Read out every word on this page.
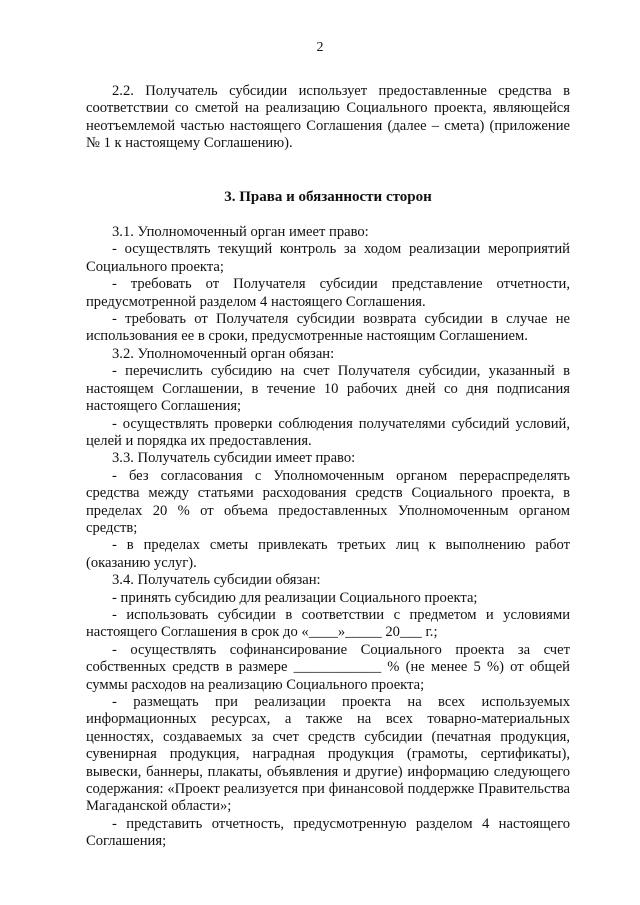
2

2.2. Получатель субсидии использует предоставленные средства в соответствии со сметой на реализацию Социального проекта, являющейся неотъемлемой частью настоящего Соглашения (далее – смета) (приложение № 1 к настоящему Соглашению).

3. Права и обязанности сторон

3.1. Уполномоченный орган имеет право:

- осуществлять текущий контроль за ходом реализации мероприятий Социального проекта;

- требовать от Получателя субсидии представление отчетности, предусмотренной разделом 4 настоящего Соглашения.

- требовать от Получателя субсидии возврата субсидии в случае не использования ее в сроки, предусмотренные настоящим Соглашением.

3.2. Уполномоченный орган обязан:

- перечислить субсидию на счет Получателя субсидии, указанный в настоящем Соглашении, в течение 10 рабочих дней со дня подписания настоящего Соглашения;

- осуществлять проверки соблюдения получателями субсидий условий, целей и порядка их предоставления.

3.3. Получатель субсидии имеет право:

- без согласования с Уполномоченным органом перераспределять средства между статьями расходования средств Социального проекта, в пределах 20 % от объема предоставленных Уполномоченным органом средств;

- в пределах сметы привлекать третьих лиц к выполнению работ (оказанию услуг).

3.4. Получатель субсидии обязан:

- принять субсидию для реализации Социального проекта;

- использовать субсидии в соответствии с предметом и условиями настоящего Соглашения в срок до «____»_____ 20___ г.;

- осуществлять софинансирование Социального проекта за счет собственных средств в размере ____________ % (не менее 5 %) от общей суммы расходов на реализацию Социального проекта;

- размещать при реализации проекта на всех используемых информационных ресурсах, а также на всех товарно-материальных ценностях, создаваемых за счет средств субсидии (печатная продукция, сувенирная продукция, наградная продукция (грамоты, сертификаты), вывески, баннеры, плакаты, объявления и другие) информацию следующего содержания: «Проект реализуется при финансовой поддержке Правительства Магаданской области»;

- представить отчетность, предусмотренную разделом 4 настоящего Соглашения;
